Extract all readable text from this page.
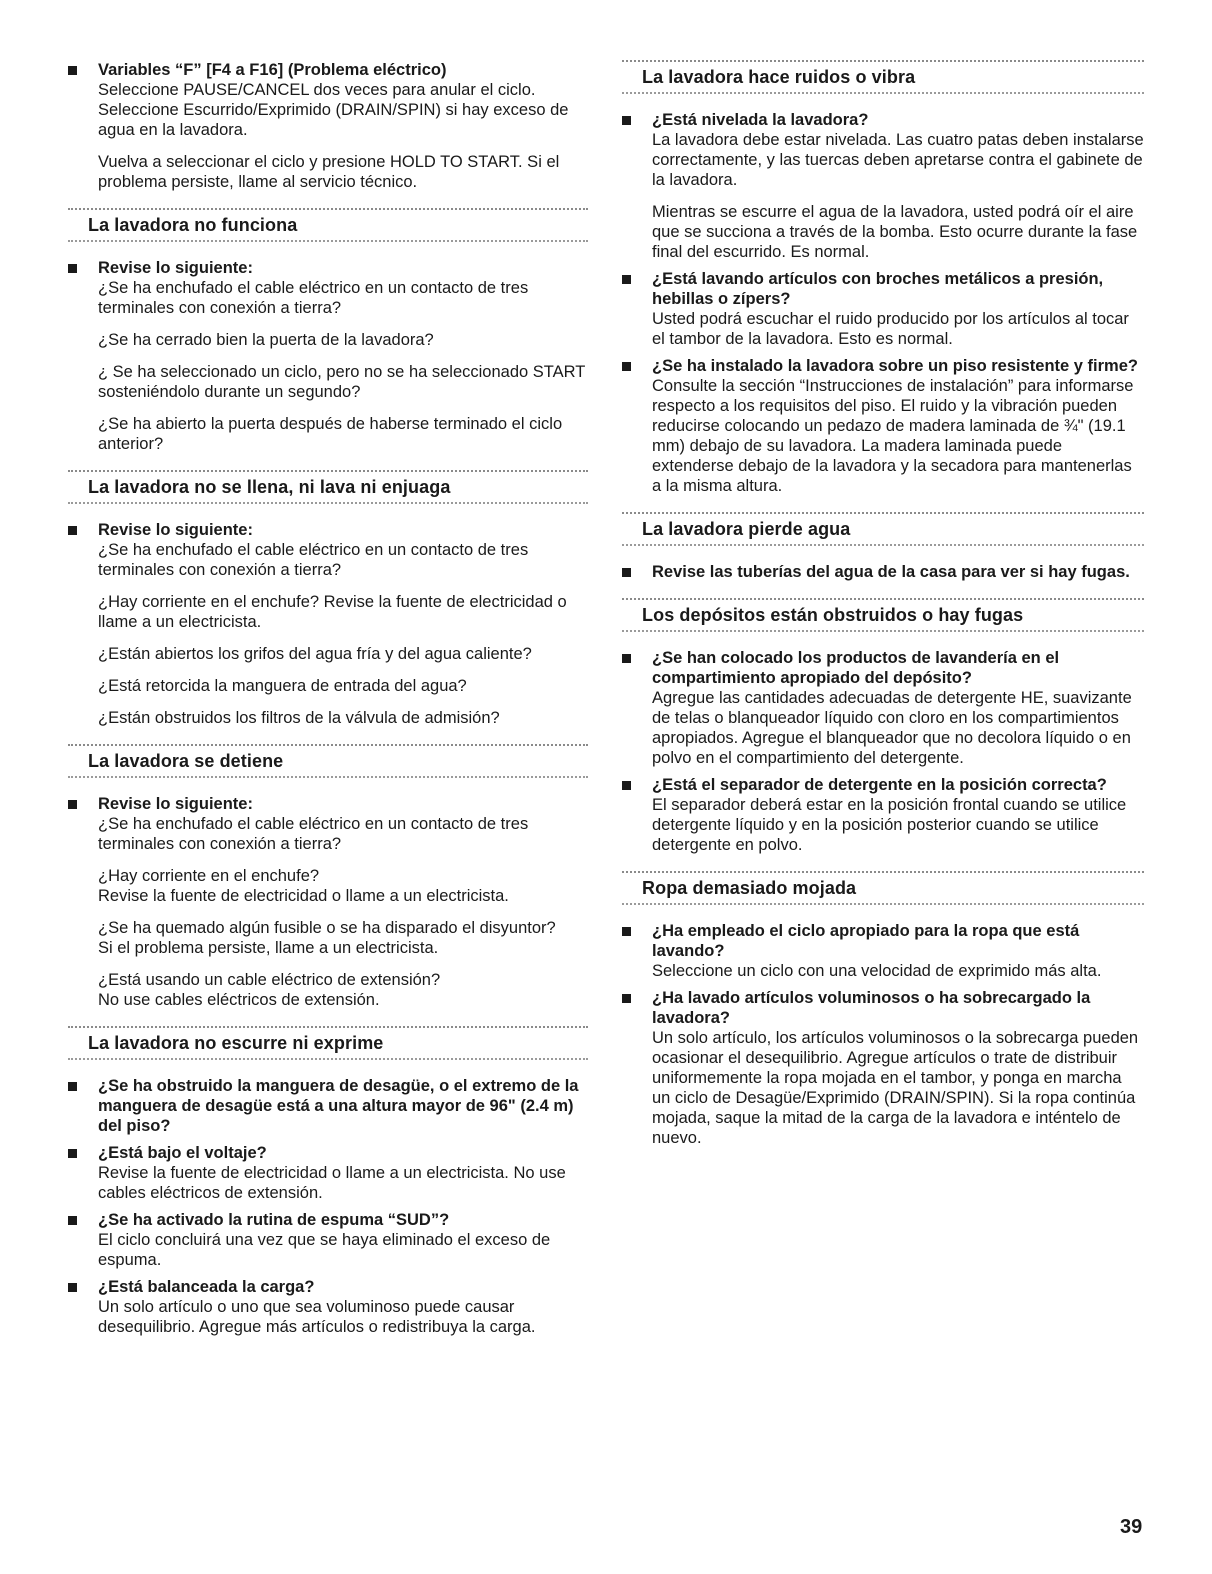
Variables “F” [F4 a F16] (Problema eléctrico)
Seleccione PAUSE/CANCEL dos veces para anular el ciclo. Seleccione Escurrido/Exprimido (DRAIN/SPIN) si hay exceso de agua en la lavadora.
Vuelva a seleccionar el ciclo y presione HOLD TO START. Si el problema persiste, llame al servicio técnico.
La lavadora no funciona
Revise lo siguiente:
¿Se ha enchufado el cable eléctrico en un contacto de tres terminales con conexión a tierra?
¿Se ha cerrado bien la puerta de la lavadora?
¿ Se ha seleccionado un ciclo, pero no se ha seleccionado START sosteniéndolo durante un segundo?
¿Se ha abierto la puerta después de haberse terminado el ciclo anterior?
La lavadora no se llena, ni lava ni enjuaga
Revise lo siguiente:
¿Se ha enchufado el cable eléctrico en un contacto de tres terminales con conexión a tierra?
¿Hay corriente en el enchufe? Revise la fuente de electricidad o llame a un electricista.
¿Están abiertos los grifos del agua fría y del agua caliente?
¿Está retorcida la manguera de entrada del agua?
¿Están obstruidos los filtros de la válvula de admisión?
La lavadora se detiene
Revise lo siguiente:
¿Se ha enchufado el cable eléctrico en un contacto de tres terminales con conexión a tierra?
¿Hay corriente en el enchufe?
Revise la fuente de electricidad o llame a un electricista.
¿Se ha quemado algún fusible o se ha disparado el disyuntor?
Si el problema persiste, llame a un electricista.
¿Está usando un cable eléctrico de extensión?
No use cables eléctricos de extensión.
La lavadora no escurre ni exprime
¿Se ha obstruido la manguera de desagüe, o el extremo de la manguera de desagüe está a una altura mayor de 96" (2.4 m) del piso?
¿Está bajo el voltaje?
Revise la fuente de electricidad o llame a un electricista. No use cables eléctricos de extensión.
¿Se ha activado la rutina de espuma “SUD”?
El ciclo concluirá una vez que se haya eliminado el exceso de espuma.
¿Está balanceada la carga?
Un solo artículo o uno que sea voluminoso puede causar desequilibrio. Agregue más artículos o redistribuya la carga.
La lavadora hace ruidos o vibra
¿Está nivelada la lavadora?
La lavadora debe estar nivelada. Las cuatro patas deben instalarse correctamente, y las tuercas deben apretarse contra el gabinete de la lavadora.
Mientras se escurre el agua de la lavadora, usted podrá oír el aire que se succiona a través de la bomba. Esto ocurre durante la fase final del escurrido. Es normal.
¿Está lavando artículos con broches metálicos a presión, hebillas o zípers?
Usted podrá escuchar el ruido producido por los artículos al tocar el tambor de la lavadora. Esto es normal.
¿Se ha instalado la lavadora sobre un piso resistente y firme?
Consulte la sección “Instrucciones de instalación” para informarse respecto a los requisitos del piso. El ruido y la vibración pueden reducirse colocando un pedazo de madera laminada de ¾" (19.1 mm) debajo de su lavadora. La madera laminada puede extenderse debajo de la lavadora y la secadora para mantenerlas a la misma altura.
La lavadora pierde agua
Revise las tuberías del agua de la casa para ver si hay fugas.
Los depósitos están obstruidos o hay fugas
¿Se han colocado los productos de lavandería en el compartimiento apropiado del depósito?
Agregue las cantidades adecuadas de detergente HE, suavizante de telas o blanqueador líquido con cloro en los compartimientos apropiados. Agregue el blanqueador que no decolora líquido o en polvo en el compartimiento del detergente.
¿Está el separador de detergente en la posición correcta?
El separador deberá estar en la posición frontal cuando se utilice detergente líquido y en la posición posterior cuando se utilice detergente en polvo.
Ropa demasiado mojada
¿Ha empleado el ciclo apropiado para la ropa que está lavando?
Seleccione un ciclo con una velocidad de exprimido más alta.
¿Ha lavado artículos voluminosos o ha sobrecargado la lavadora?
Un solo artículo, los artículos voluminosos o la sobrecarga pueden ocasionar el desequilibrio. Agregue artículos o trate de distribuir uniformemente la ropa mojada en el tambor, y ponga en marcha un ciclo de Desagüe/Exprimido (DRAIN/SPIN). Si la ropa continúa mojada, saque la mitad de la carga de la lavadora e inténtelo de nuevo.
39
